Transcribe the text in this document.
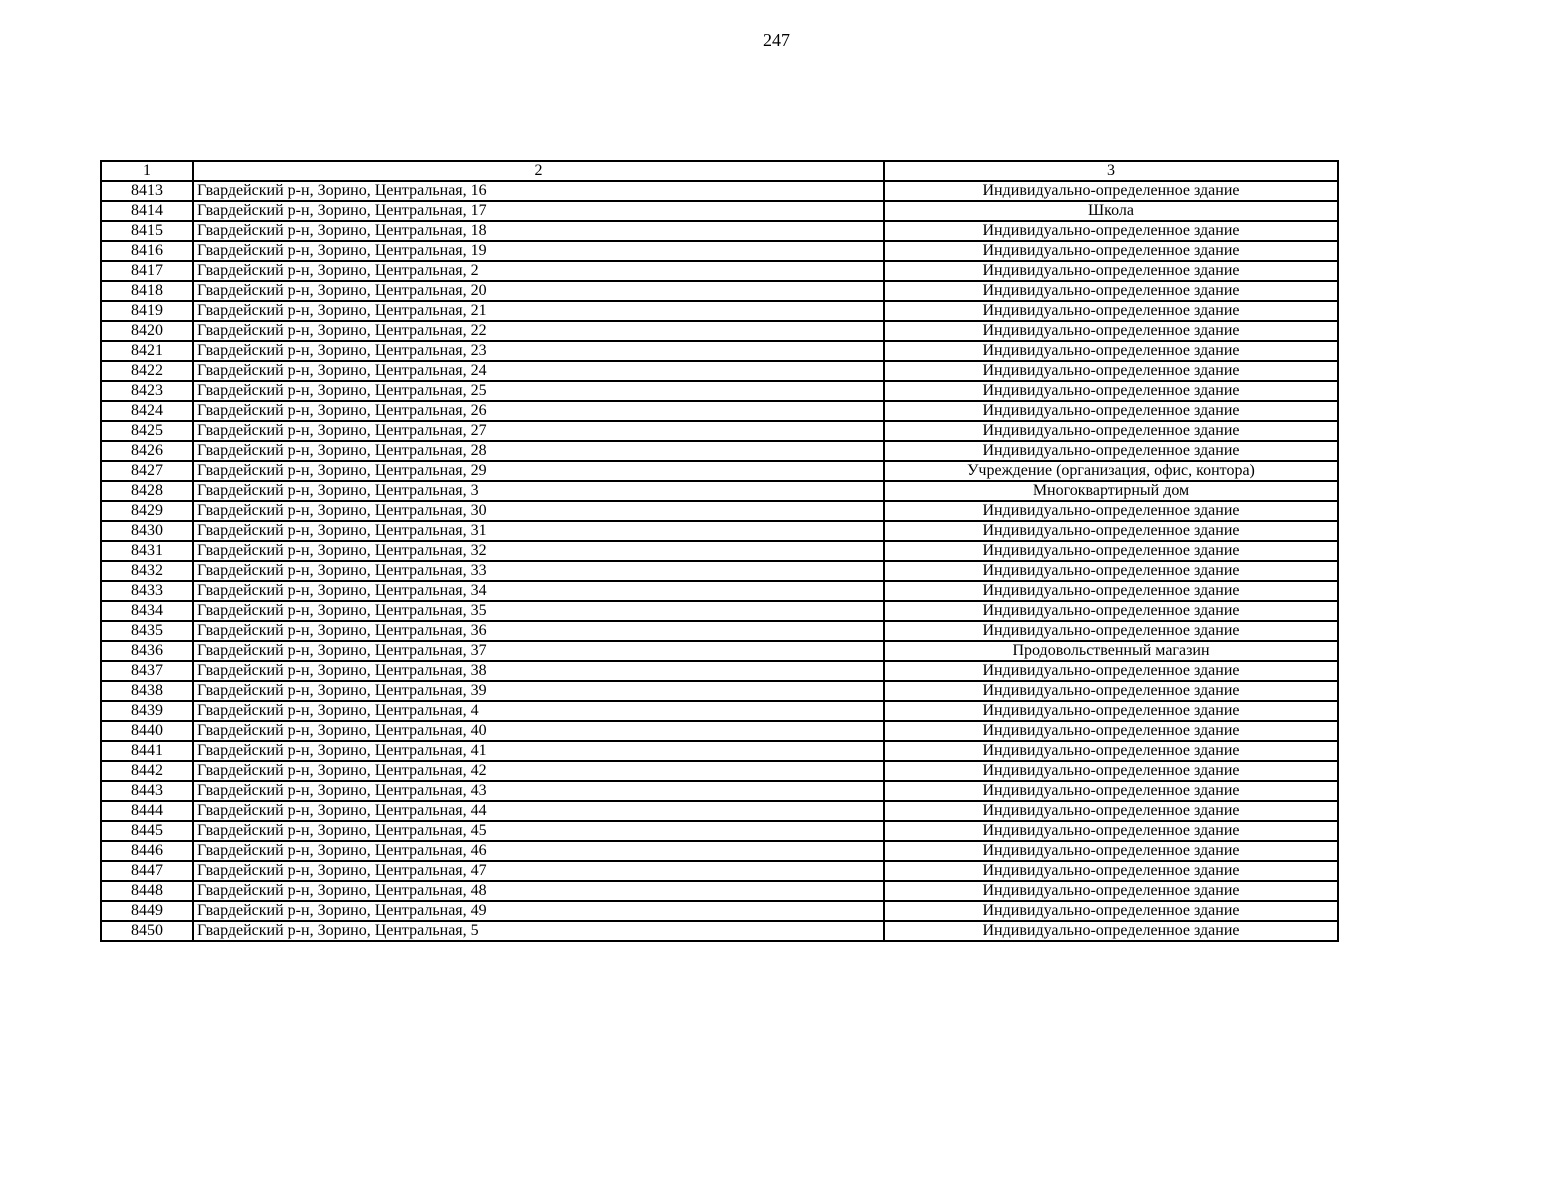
247
1	2	3
8413	Гвардейский р-н, Зорино, Центральная, 16	Индивидуально-определенное здание
8414	Гвардейский р-н, Зорино, Центральная, 17	Школа
8415	Гвардейский р-н, Зорино, Центральная, 18	Индивидуально-определенное здание
8416	Гвардейский р-н, Зорино, Центральная, 19	Индивидуально-определенное здание
8417	Гвардейский р-н, Зорино, Центральная, 2	Индивидуально-определенное здание
8418	Гвардейский р-н, Зорино, Центральная, 20	Индивидуально-определенное здание
8419	Гвардейский р-н, Зорино, Центральная, 21	Индивидуально-определенное здание
8420	Гвардейский р-н, Зорино, Центральная, 22	Индивидуально-определенное здание
8421	Гвардейский р-н, Зорино, Центральная, 23	Индивидуально-определенное здание
8422	Гвардейский р-н, Зорино, Центральная, 24	Индивидуально-определенное здание
8423	Гвардейский р-н, Зорино, Центральная, 25	Индивидуально-определенное здание
8424	Гвардейский р-н, Зорино, Центральная, 26	Индивидуально-определенное здание
8425	Гвардейский р-н, Зорино, Центральная, 27	Индивидуально-определенное здание
8426	Гвардейский р-н, Зорино, Центральная, 28	Индивидуально-определенное здание
8427	Гвардейский р-н, Зорино, Центральная, 29	Учреждение (организация, офис, контора)
8428	Гвардейский р-н, Зорино, Центральная, 3	Многоквартирный дом
8429	Гвардейский р-н, Зорино, Центральная, 30	Индивидуально-определенное здание
8430	Гвардейский р-н, Зорино, Центральная, 31	Индивидуально-определенное здание
8431	Гвардейский р-н, Зорино, Центральная, 32	Индивидуально-определенное здание
8432	Гвардейский р-н, Зорино, Центральная, 33	Индивидуально-определенное здание
8433	Гвардейский р-н, Зорино, Центральная, 34	Индивидуально-определенное здание
8434	Гвардейский р-н, Зорино, Центральная, 35	Индивидуально-определенное здание
8435	Гвардейский р-н, Зорино, Центральная, 36	Индивидуально-определенное здание
8436	Гвардейский р-н, Зорино, Центральная, 37	Продовольственный магазин
8437	Гвардейский р-н, Зорино, Центральная, 38	Индивидуально-определенное здание
8438	Гвардейский р-н, Зорино, Центральная, 39	Индивидуально-определенное здание
8439	Гвардейский р-н, Зорино, Центральная, 4	Индивидуально-определенное здание
8440	Гвардейский р-н, Зорино, Центральная, 40	Индивидуально-определенное здание
8441	Гвардейский р-н, Зорино, Центральная, 41	Индивидуально-определенное здание
8442	Гвардейский р-н, Зорино, Центральная, 42	Индивидуально-определенное здание
8443	Гвардейский р-н, Зорино, Центральная, 43	Индивидуально-определенное здание
8444	Гвардейский р-н, Зорино, Центральная, 44	Индивидуально-определенное здание
8445	Гвардейский р-н, Зорино, Центральная, 45	Индивидуально-определенное здание
8446	Гвардейский р-н, Зорино, Центральная, 46	Индивидуально-определенное здание
8447	Гвардейский р-н, Зорино, Центральная, 47	Индивидуально-определенное здание
8448	Гвардейский р-н, Зорино, Центральная, 48	Индивидуально-определенное здание
8449	Гвардейский р-н, Зорино, Центральная, 49	Индивидуально-определенное здание
8450	Гвардейский р-н, Зорино, Центральная, 5	Индивидуально-определенное здание
